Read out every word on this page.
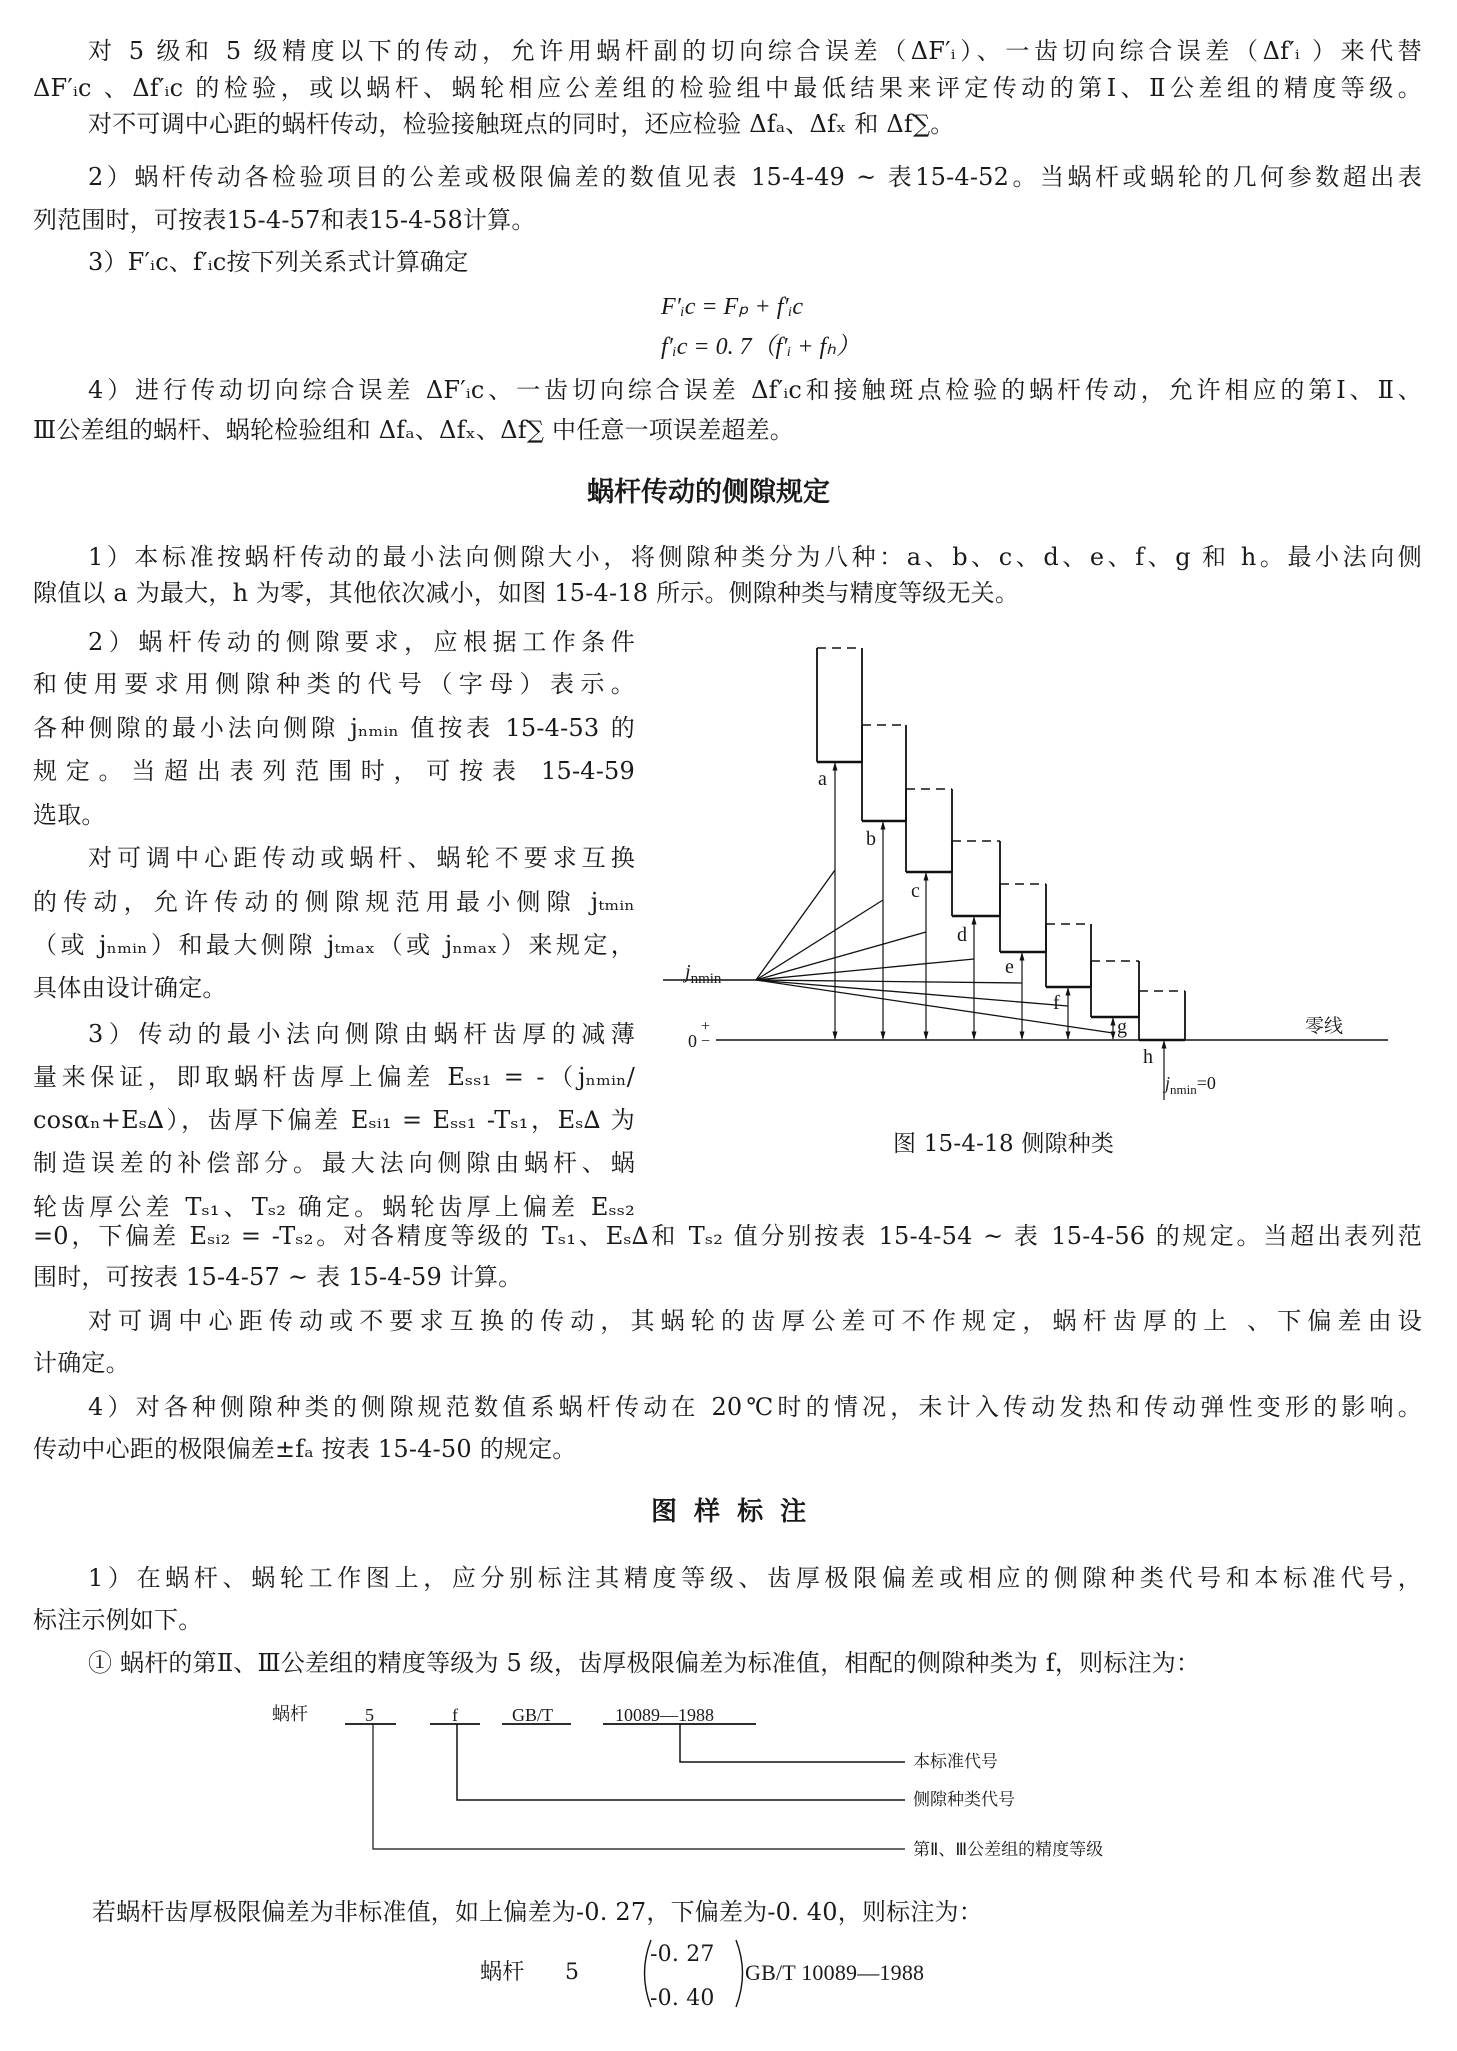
对 5 级和 5 级精度以下的传动，允许用蜗杆副的切向综合误差（ΔF′ᵢ）、一齿切向综合误差（Δf′ᵢ ）来代替
ΔF′ᵢc 、Δf′ᵢc 的检验，或以蜗杆、蜗轮相应公差组的检验组中最低结果来评定传动的第Ⅰ、Ⅱ公差组的精度等级。
对不可调中心距的蜗杆传动，检验接触斑点的同时，还应检验 Δfₐ、Δfₓ 和 Δf∑。
2）蜗杆传动各检验项目的公差或极限偏差的数值见表 15-4-49 ~ 表15-4-52。当蜗杆或蜗轮的几何参数超出表
列范围时，可按表15-4-57和表15-4-58计算。
3）F′ᵢc、f′ᵢc按下列关系式计算确定
F′ᵢc = Fₚ + f′ᵢc
f′ᵢc = 0. 7（f′ᵢ + fₕ）
4）进行传动切向综合误差 ΔF′ᵢc、一齿切向综合误差 Δf′ᵢc和接触斑点检验的蜗杆传动，允许相应的第Ⅰ、Ⅱ、
Ⅲ公差组的蜗杆、蜗轮检验组和 Δfₐ、Δfₓ、Δf∑ 中任意一项误差超差。
蜗杆传动的侧隙规定
1）本标准按蜗杆传动的最小法向侧隙大小，将侧隙种类分为八种：a、b、c、d、e、f、g 和 h。最小法向侧
隙值以 a 为最大，h 为零，其他依次减小，如图 15-4-18 所示。侧隙种类与精度等级无关。
2）蜗杆传动的侧隙要求，应根据工作条件
和使用要求用侧隙种类的代号（字母）表示。
各种侧隙的最小法向侧隙 jₙₘᵢₙ 值按表 15-4-53 的
规定。当超出表列范围时，可按表 15-4-59
选取。
对可调中心距传动或蜗杆、蜗轮不要求互换
的传动，允许传动的侧隙规范用最小侧隙 jₜₘᵢₙ
（或 jₙₘᵢₙ）和最大侧隙 jₜₘₐₓ（或 jₙₘₐₓ）来规定，
具体由设计确定。
3）传动的最小法向侧隙由蜗杆齿厚的减薄
量来保证，即取蜗杆齿厚上偏差 Eₛₛ₁ = -（jₙₘᵢₙ/
cosαₙ+Eₛ∆），齿厚下偏差 Eₛᵢ₁ = Eₛₛ₁ -Tₛ₁，Eₛ∆ 为
制造误差的补偿部分。最大法向侧隙由蜗杆、蜗
轮齿厚公差 Tₛ₁、Tₛ₂ 确定。蜗轮齿厚上偏差 Eₛₛ₂
=0，下偏差 Eₛᵢ₂ = -Tₛ₂。对各精度等级的 Tₛ₁、Eₛ∆和 Tₛ₂ 值分别按表 15-4-54 ~ 表 15-4-56 的规定。当超出表列范
围时，可按表 15-4-57 ~ 表 15-4-59 计算。
对可调中心距传动或不要求互换的传动，其蜗轮的齿厚公差可不作规定，蜗杆齿厚的上 、下偏差由设
计确定。
4）对各种侧隙种类的侧隙规范数值系蜗杆传动在 20℃时的情况，未计入传动发热和传动弹性变形的影响。
传动中心距的极限偏差±fₐ 按表 15-4-50 的规定。
$j_{nmin}$
0
+
−
零线
a
b
c
d
e
f
g
h
$j_{nmin}=0$
图 15-4-18 侧隙种类
图 样 标 注
1）在蜗杆、蜗轮工作图上，应分别标注其精度等级、齿厚极限偏差或相应的侧隙种类代号和本标准代号，
标注示例如下。
① 蜗杆的第Ⅱ、Ⅲ公差组的精度等级为 5 级，齿厚极限偏差为标准值，相配的侧隙种类为 f，则标注为：
蜗杆	5	f	GB/T	10089—1988
本标准代号
侧隙种类代号
第Ⅱ、Ⅲ公差组的精度等级
若蜗杆齿厚极限偏差为非标准值，如上偏差为-0. 27，下偏差为-0. 40，则标注为：
蜗杆 5
-0. 27
-0. 40
GB/T 10089—1988
